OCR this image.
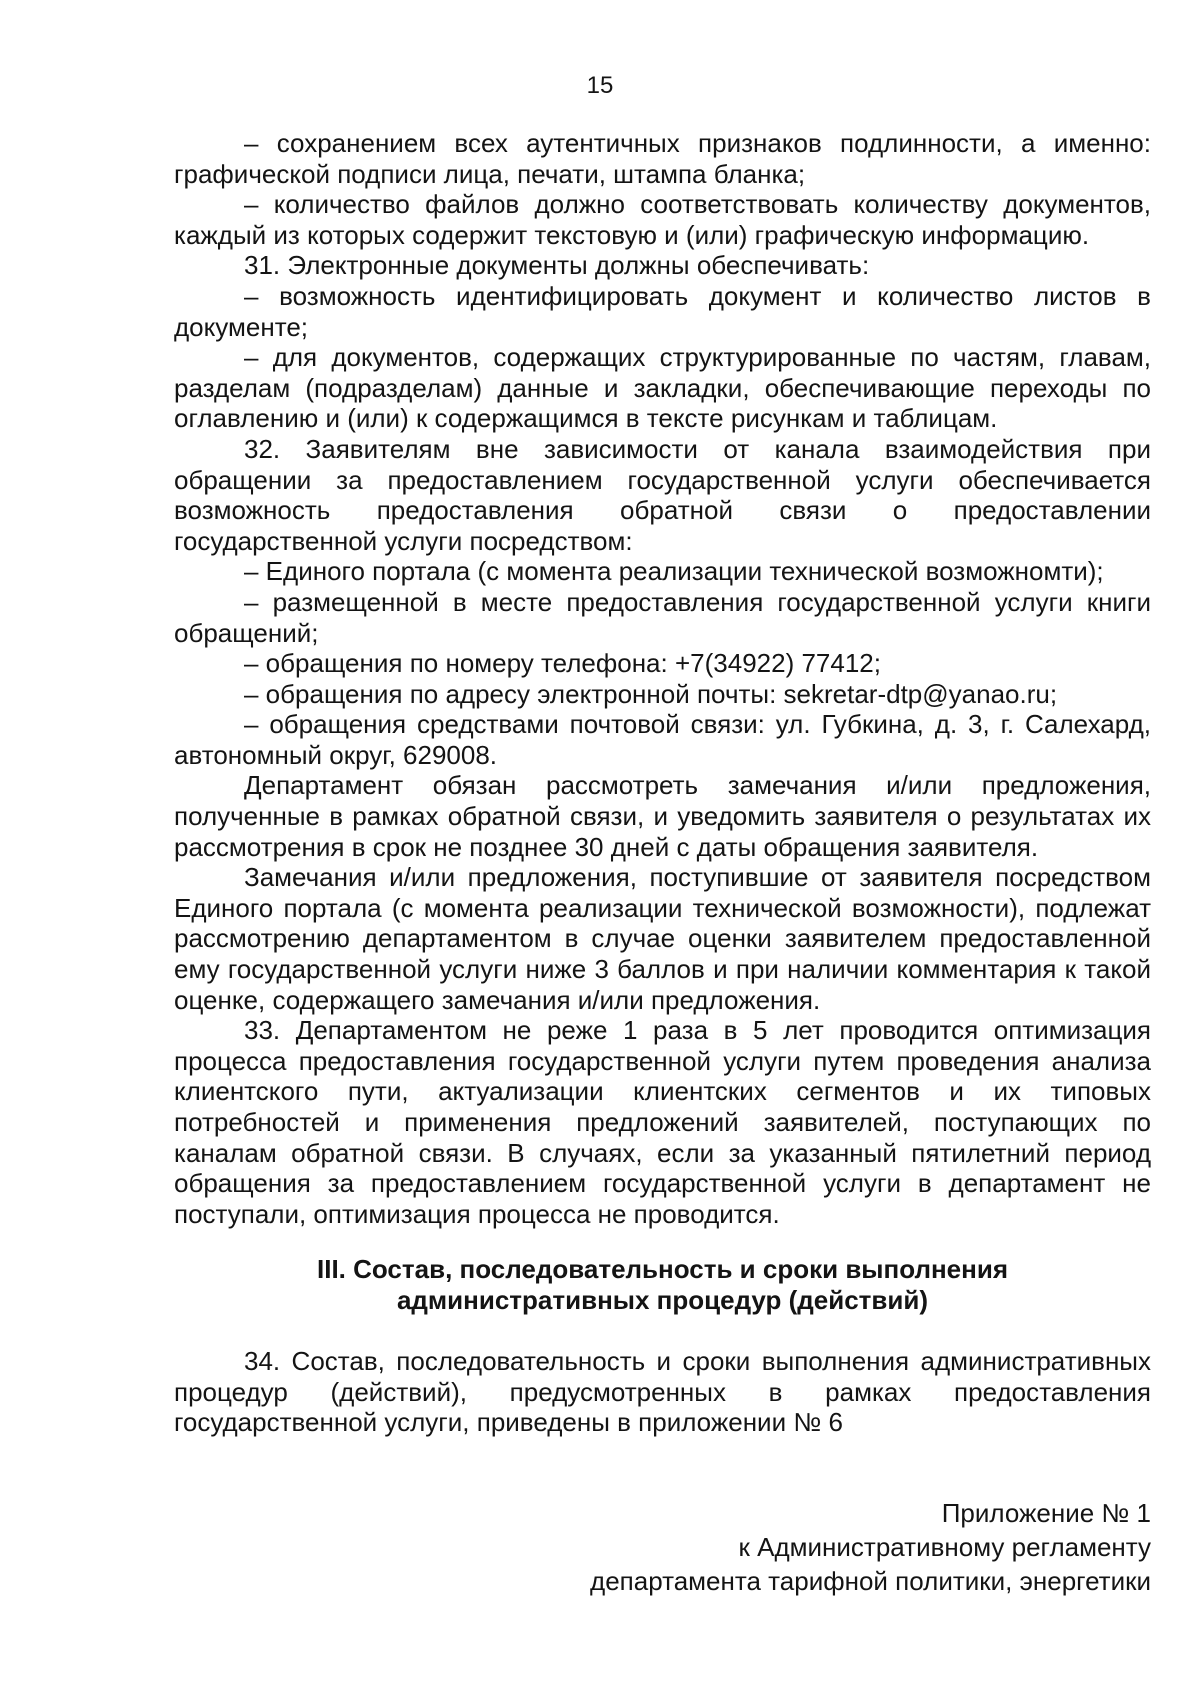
15

– сохранением всех аутентичных признаков подлинности, а именно: графической подписи лица, печати, штампа бланка;

– количество файлов должно соответствовать количеству документов, каждый из которых содержит текстовую и (или) графическую информацию.

31. Электронные документы должны обеспечивать:

– возможность идентифицировать документ и количество листов в документе;

– для документов, содержащих структурированные по частям, главам, разделам (подразделам) данные и закладки, обеспечивающие переходы по оглавлению и (или) к содержащимся в тексте рисункам и таблицам.

32. Заявителям вне зависимости от канала взаимодействия при обращении за предоставлением государственной услуги обеспечивается возможность предоставления обратной связи о предоставлении государственной услуги посредством:

– Единого портала (с момента реализации технической возможномти);

– размещенной в месте предоставления государственной услуги книги обращений;

– обращения по номеру телефона: +7(34922) 77412;

– обращения по адресу электронной почты: sekretar-dtp@yanao.ru;

– обращения средствами почтовой связи: ул. Губкина, д. 3, г. Салехард, автономный округ, 629008.

Департамент обязан рассмотреть замечания и/или предложения, полученные в рамках обратной связи, и уведомить заявителя о результатах их рассмотрения в срок не позднее 30 дней с даты обращения заявителя.

Замечания и/или предложения, поступившие от заявителя посредством Единого портала (с момента реализации технической возможности), подлежат рассмотрению департаментом в случае оценки заявителем предоставленной ему государственной услуги ниже 3 баллов и при наличии комментария к такой оценке, содержащего замечания и/или предложения.

33. Департаментом не реже 1 раза в 5 лет проводится оптимизация процесса предоставления государственной услуги путем проведения анализа клиентского пути, актуализации клиентских сегментов и их типовых потребностей и применения предложений заявителей, поступающих по каналам обратной связи. В случаях, если за указанный пятилетний период обращения за предоставлением государственной услуги в департамент не поступали, оптимизация процесса не проводится.

III. Состав, последовательность и сроки выполнения
административных процедур (действий)

34. Состав, последовательность и сроки выполнения административных процедур (действий), предусмотренных в рамках предоставления государственной услуги, приведены в приложении № 6

Приложение № 1
к Административному регламенту
департамента тарифной политики, энергетики
